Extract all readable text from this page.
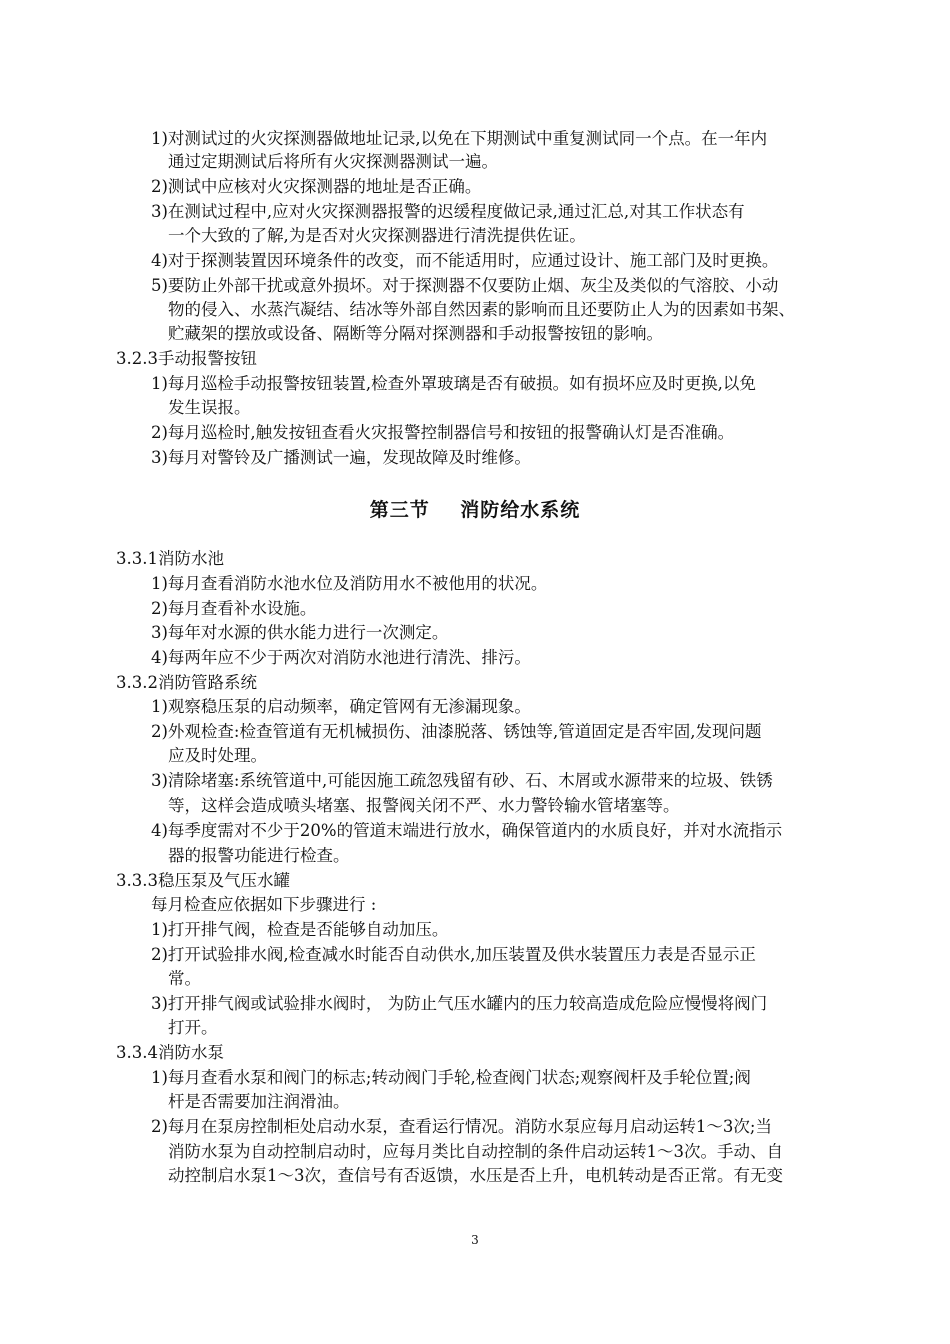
1)对测试过的火灾探测器做地址记录,以免在下期测试中重复测试同一个点。在一年内
通过定期测试后将所有火灾探测器测试一遍。
2)测试中应核对火灾探测器的地址是否正确。
3)在测试过程中,应对火灾探测器报警的迟缓程度做记录,通过汇总,对其工作状态有
一个大致的了解,为是否对火灾探测器进行清洗提供佐证。
4)对于探测装置因环境条件的改变，而不能适用时，应通过设计、施工部门及时更换。
5)要防止外部干扰或意外损坏。对于探测器不仅要防止烟、灰尘及类似的气溶胶、小动
物的侵入、水蒸汽凝结、结冰等外部自然因素的影响而且还要防止人为的因素如书架、
贮藏架的摆放或设备、隔断等分隔对探测器和手动报警按钮的影响。
3.2.3手动报警按钮
1)每月巡检手动报警按钮装置,检查外罩玻璃是否有破损。如有损坏应及时更换,以免
发生误报。
2)每月巡检时,触发按钮查看火灾报警控制器信号和按钮的报警确认灯是否准确。
3)每月对警铃及广播测试一遍，发现故障及时维修。
第三节    消防给水系统
3.3.1消防水池
1)每月查看消防水池水位及消防用水不被他用的状况。
2)每月查看补水设施。
3)每年对水源的供水能力进行一次测定。
4)每两年应不少于两次对消防水池进行清洗、排污。
3.3.2消防管路系统
1)观察稳压泵的启动频率，确定管网有无渗漏现象。
2)外观检查:检查管道有无机械损伤、油漆脱落、锈蚀等,管道固定是否牢固,发现问题
应及时处理。
3)清除堵塞:系统管道中,可能因施工疏忽残留有砂、石、木屑或水源带来的垃圾、铁锈
等，这样会造成喷头堵塞、报警阀关闭不严、水力警铃输水管堵塞等。
4)每季度需对不少于20%的管道末端进行放水，确保管道内的水质良好，并对水流指示
器的报警功能进行检查。
3.3.3稳压泵及气压水罐
每月检查应依据如下步骤进行 :
1)打开排气阀，检查是否能够自动加压。
2)打开试验排水阀,检查减水时能否自动供水,加压装置及供水装置压力表是否显示正
常。
3)打开排气阀或试验排水阀时， 为防止气压水罐内的压力较高造成危险应慢慢将阀门
打开。
3.3.4消防水泵
1)每月查看水泵和阀门的标志;转动阀门手轮,检查阀门状态;观察阀杆及手轮位置;阀
杆是否需要加注润滑油。
2)每月在泵房控制柜处启动水泵，查看运行情况。消防水泵应每月启动运转1～3次;当
消防水泵为自动控制启动时，应每月类比自动控制的条件启动运转1～3次。手动、自
动控制启水泵1～3次，查信号有否返馈，水压是否上升，电机转动是否正常。有无变
3
